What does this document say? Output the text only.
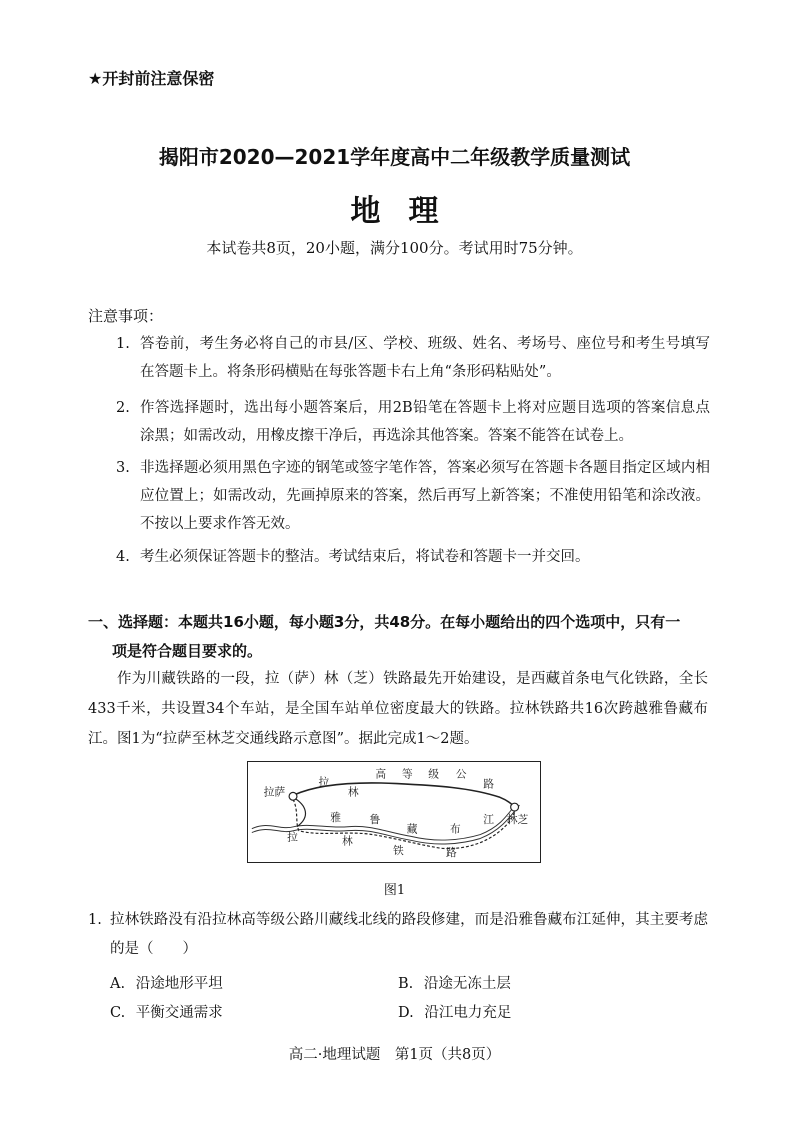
★开封前注意保密
揭阳市2020—2021学年度高中二年级教学质量测试
地理
本试卷共8页，20小题，满分100分。考试用时75分钟。
注意事项：
1. 答卷前，考生务必将自己的市县/区、学校、班级、姓名、考场号、座位号和考生号填写在答题卡上。将条形码横贴在每张答题卡右上角“条形码粘贴处”。
2. 作答选择题时，选出每小题答案后，用2B铅笔在答题卡上将对应题目选项的答案信息点涂黑；如需改动，用橡皮擦干净后，再选涂其他答案。答案不能答在试卷上。
3. 非选择题必须用黑色字迹的钢笔或签字笔作答，答案必须写在答题卡各题目指定区域内相应位置上；如需改动，先画掉原来的答案，然后再写上新答案；不准使用铅笔和涂改液。不按以上要求作答无效。
4. 考生必须保证答题卡的整洁。考试结束后，将试卷和答题卡一并交回。
一、选择题：本题共16小题，每小题3分，共48分。在每小题给出的四个选项中，只有一
项是符合题目要求的。

作为川藏铁路的一段，拉（萨）林（芝）铁路最先开始建设，是西藏首条电气化铁路，全长433千米，共设置34个车站，是全国车站单位密度最大的铁路。拉林铁路共16次跨越雅鲁藏布江。图1为“拉萨至林芝交通线路示意图”。据此完成1～2题。

拉萨
林芝
拉
林
高 等 级 公
路
雅	鲁
藏	布
江
拉	林
铁	路
图1
1. 拉林铁路没有沿拉林高等级公路川藏线北线的路段修建，而是沿雅鲁藏布江延伸，其主要考虑的是（　　）
A. 沿途地形平坦	B. 沿途无冻土层
C. 平衡交通需求	D. 沿江电力充足
高二·地理试题　第1页（共8页）
